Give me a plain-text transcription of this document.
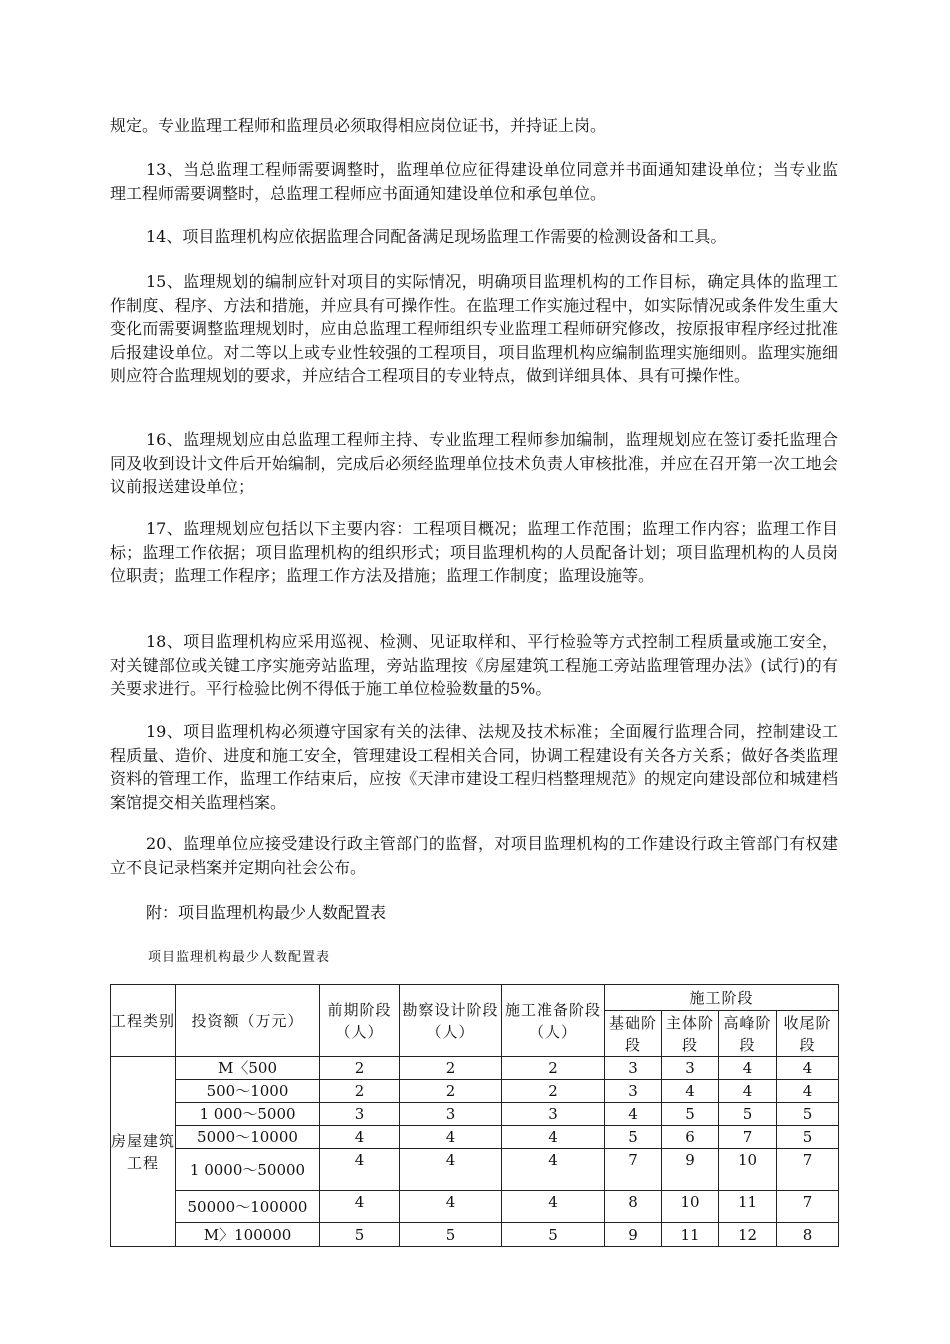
规定。专业监理工程师和监理员必须取得相应岗位证书，并持证上岗。

13、当总监理工程师需要调整时，监理单位应征得建设单位同意并书面通知建设单位；当专业监理工程师需要调整时，总监理工程师应书面通知建设单位和承包单位。

14、项目监理机构应依据监理合同配备满足现场监理工作需要的检测设备和工具。

15、监理规划的编制应针对项目的实际情况，明确项目监理机构的工作目标，确定具体的监理工作制度、程序、方法和措施，并应具有可操作性。在监理工作实施过程中，如实际情况或条件发生重大变化而需要调整监理规划时，应由总监理工程师组织专业监理工程师研究修改，按原报审程序经过批准后报建设单位。对二等以上或专业性较强的工程项目，项目监理机构应编制监理实施细则。监理实施细则应符合监理规划的要求，并应结合工程项目的专业特点，做到详细具体、具有可操作性。

16、监理规划应由总监理工程师主持、专业监理工程师参加编制，监理规划应在签订委托监理合同及收到设计文件后开始编制，完成后必须经监理单位技术负责人审核批准，并应在召开第一次工地会议前报送建设单位；

17、监理规划应包括以下主要内容：工程项目概况；监理工作范围；监理工作内容；监理工作目标；监理工作依据；项目监理机构的组织形式；项目监理机构的人员配备计划；项目监理机构的人员岗位职责；监理工作程序；监理工作方法及措施；监理工作制度；监理设施等。

18、项目监理机构应采用巡视、检测、见证取样和、平行检验等方式控制工程质量或施工安全，对关键部位或关键工序实施旁站监理，旁站监理按《房屋建筑工程施工旁站监理管理办法》(试行)的有关要求进行。平行检验比例不得低于施工单位检验数量的5%。

19、项目监理机构必须遵守国家有关的法律、法规及技术标准；全面履行监理合同，控制建设工程质量、造价、进度和施工安全，管理建设工程相关合同，协调工程建设有关各方关系；做好各类监理资料的管理工作，监理工作结束后，应按《天津市建设工程归档整理规范》的规定向建设部位和城建档案馆提交相关监理档案。

20、监理单位应接受建设行政主管部门的监督，对项目监理机构的工作建设行政主管部门有权建立不良记录档案并定期向社会公布。

附：项目监理机构最少人数配置表

项目监理机构最少人数配置表
工程类别	投资额（万元）	前期阶段（人）	勘察设计阶段（人）	施工准备阶段（人）	施工阶段			
					基础阶段	主体阶段	高峰阶段	收尾阶段
房屋建筑工程	M〈500	2	2	2	3	3	4	4
	500～1000	2	2	2	3	4	4	4
	1 000～5000	3	3	3	4	5	5	5
	5000～10000	4	4	4	5	6	7	5
	1 0000～50000	4	4	4	7	9	10	7
	50000～100000	4	4	4	8	10	11	7
	M〉100000	5	5	5	9	11	12	8
